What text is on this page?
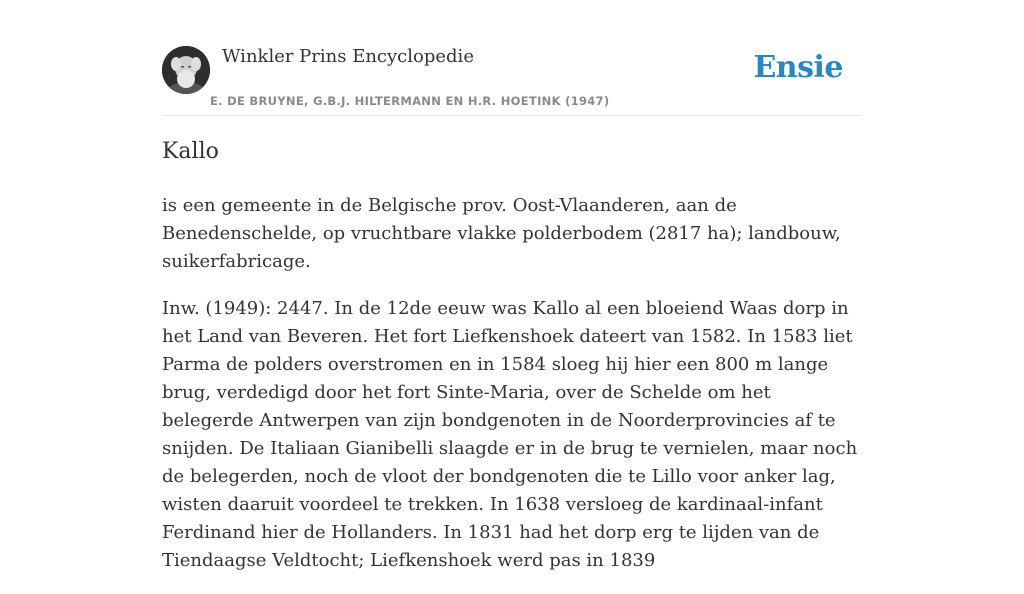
Winkler Prins Encyclopedie
E. DE BRUYNE, G.B.J. HILTERMANN EN H.R. HOETINK (1947)
Ensie
Kallo

is een gemeente in de Belgische prov. Oost-Vlaanderen, aan de Benedenschelde, op vruchtbare vlakke polderbodem (2817 ha); landbouw, suikerfabricage.

Inw. (1949): 2447. In de 12de eeuw was Kallo al een bloeiend Waas dorp in het Land van Beveren. Het fort Liefkenshoek dateert van 1582. In 1583 liet Parma de polders overstromen en in 1584 sloeg hij hier een 800 m lange brug, verdedigd door het fort Sinte-Maria, over de Schelde om het belegerde Antwerpen van zijn bondgenoten in de Noorderprovincies af te snijden. De Italiaan Gianibelli slaagde er in de brug te vernielen, maar noch de belegerden, noch de vloot der bondgenoten die te Lillo voor anker lag, wisten daaruit voordeel te trekken. In 1638 versloeg de kardinaal-infant Ferdinand hier de Hollanders. In 1831 had het dorp erg te lijden van de Tiendaagse Veldtocht; Liefkenshoek werd pas in 1839
